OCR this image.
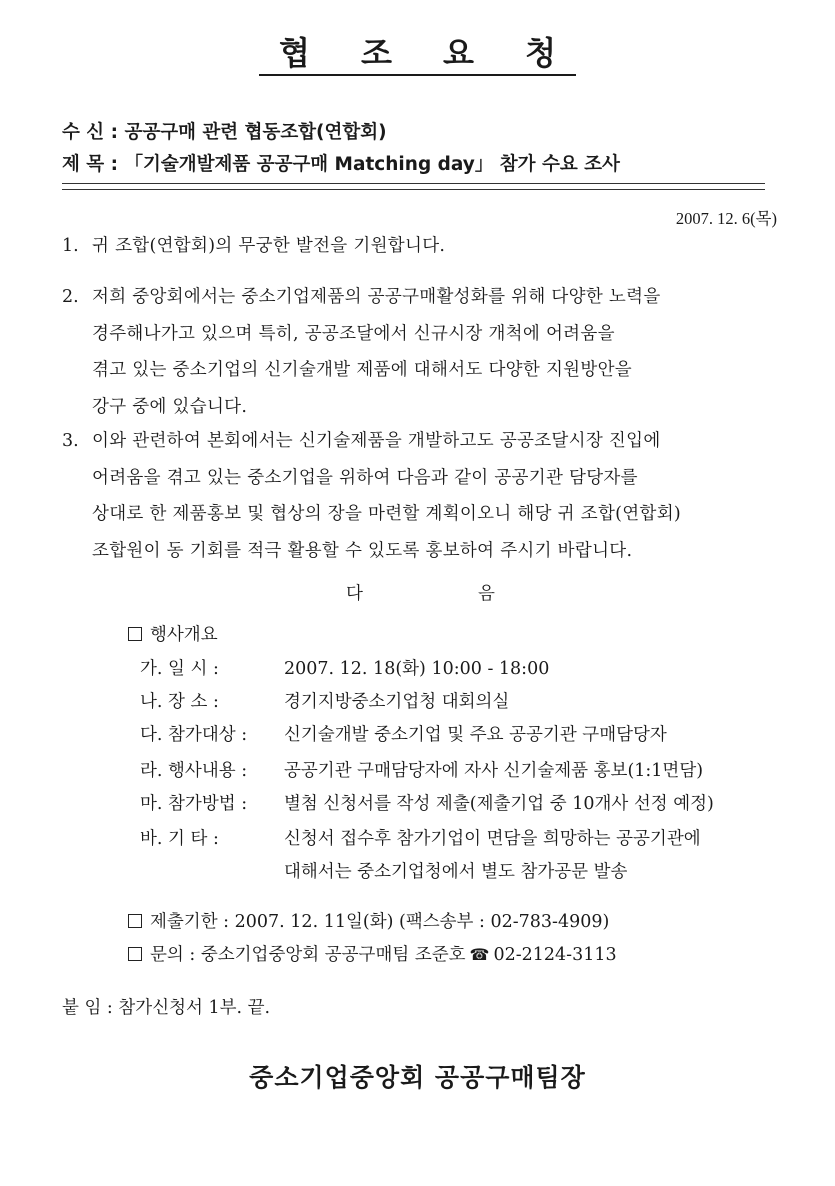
협 조 요 청
수 신 : 공공구매 관련 협동조합(연합회)
제 목 : 「기술개발제품 공공구매 Matching day」 참가 수요 조사
2007. 12. 6(목)
1. 귀 조합(연합회)의 무궁한 발전을 기원합니다.
2. 저희 중앙회에서는 중소기업제품의 공공구매활성화를 위해 다양한 노력을
경주해나가고 있으며 특히, 공공조달에서 신규시장 개척에 어려움을
겪고 있는 중소기업의 신기술개발 제품에 대해서도 다양한 지원방안을
강구 중에 있습니다.
3. 이와 관련하여 본회에서는 신기술제품을 개발하고도 공공조달시장 진입에
어려움을 겪고 있는 중소기업을 위하여 다음과 같이 공공기관 담당자를
상대로 한 제품홍보 및 협상의 장을 마련할 계획이오니 해당 귀 조합(연합회)
조합원이 동 기회를 적극 활용할 수 있도록 홍보하여 주시기 바랍니다.
다	음
행사개요
가. 일 시 :	2007. 12. 18(화) 10:00 - 18:00
나. 장 소 :	경기지방중소기업청 대회의실
다. 참가대상 : 신기술개발 중소기업 및 주요 공공기관 구매담당자
라. 행사내용 : 공공기관 구매담당자에 자사 신기술제품 홍보(1:1면담)
마. 참가방법 : 별첨 신청서를 작성 제출(제출기업 중 10개사 선정 예정)
바. 기 타 :	신청서 접수후 참가기업이 면담을 희망하는 공공기관에
대해서는 중소기업청에서 별도 참가공문 발송
제출기한 : 2007. 12. 11일(화) (팩스송부 : 02-783-4909)
문의 : 중소기업중앙회 공공구매팀 조준호 ☎ 02-2124-3113
붙 임 : 참가신청서 1부. 끝.
중소기업중앙회 공공구매팀장
